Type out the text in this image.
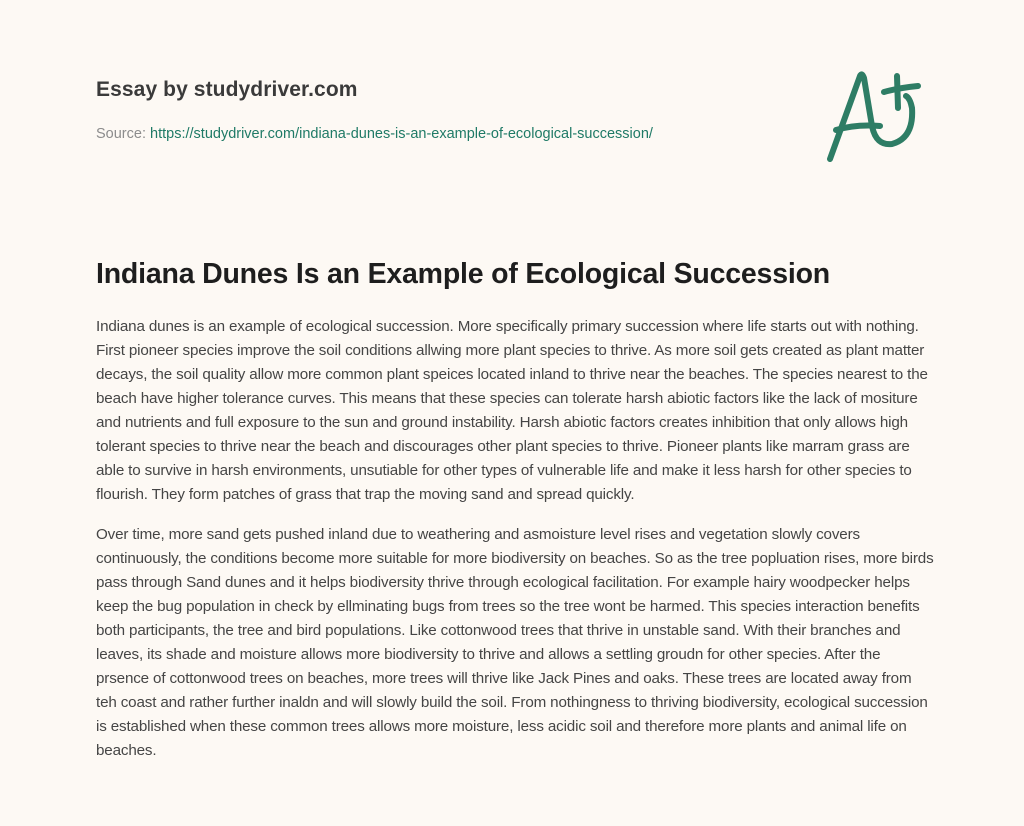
Essay by studydriver.com
Source: https://studydriver.com/indiana-dunes-is-an-example-of-ecological-succession/
Indiana Dunes Is an Example of Ecological Succession

Indiana dunes is an example of ecological succession. More specifically primary succession where life starts out with nothing. First pioneer species improve the soil conditions allwing more plant species to thrive. As more soil gets created as plant matter decays, the soil quality allow more common plant speices located inland to thrive near the beaches. The species nearest to the beach have higher tolerance curves. This means that these species can tolerate harsh abiotic factors like the lack of mositure and nutrients and full exposure to the sun and ground instability. Harsh abiotic factors creates inhibition that only allows high tolerant species to thrive near the beach and discourages other plant species to thrive. Pioneer plants like marram grass are able to survive in harsh environments, unsutiable for other types of vulnerable life and make it less harsh for other species to flourish. They form patches of grass that trap the moving sand and spread quickly.

Over time, more sand gets pushed inland due to weathering and asmoisture level rises and vegetation slowly covers continuously, the conditions become more suitable for more biodiversity on beaches. So as the tree popluation rises, more birds pass through Sand dunes and it helps biodiversity thrive through ecological facilitation. For example hairy woodpecker helps keep the bug population in check by ellminating bugs from trees so the tree wont be harmed. This species interaction benefits both participants, the tree and bird populations. Like cottonwood trees that thrive in unstable sand. With their branches and leaves, its shade and moisture allows more biodiversity to thrive and allows a settling groudn for other species. After the prsence of cottonwood trees on beaches, more trees will thrive like Jack Pines and oaks. These trees are located away from teh coast and rather further inaldn and will slowly build the soil. From nothingness to thriving biodiversity, ecological succession is established when these common trees allows more moisture, less acidic soil and therefore more plants and animal life on beaches.
